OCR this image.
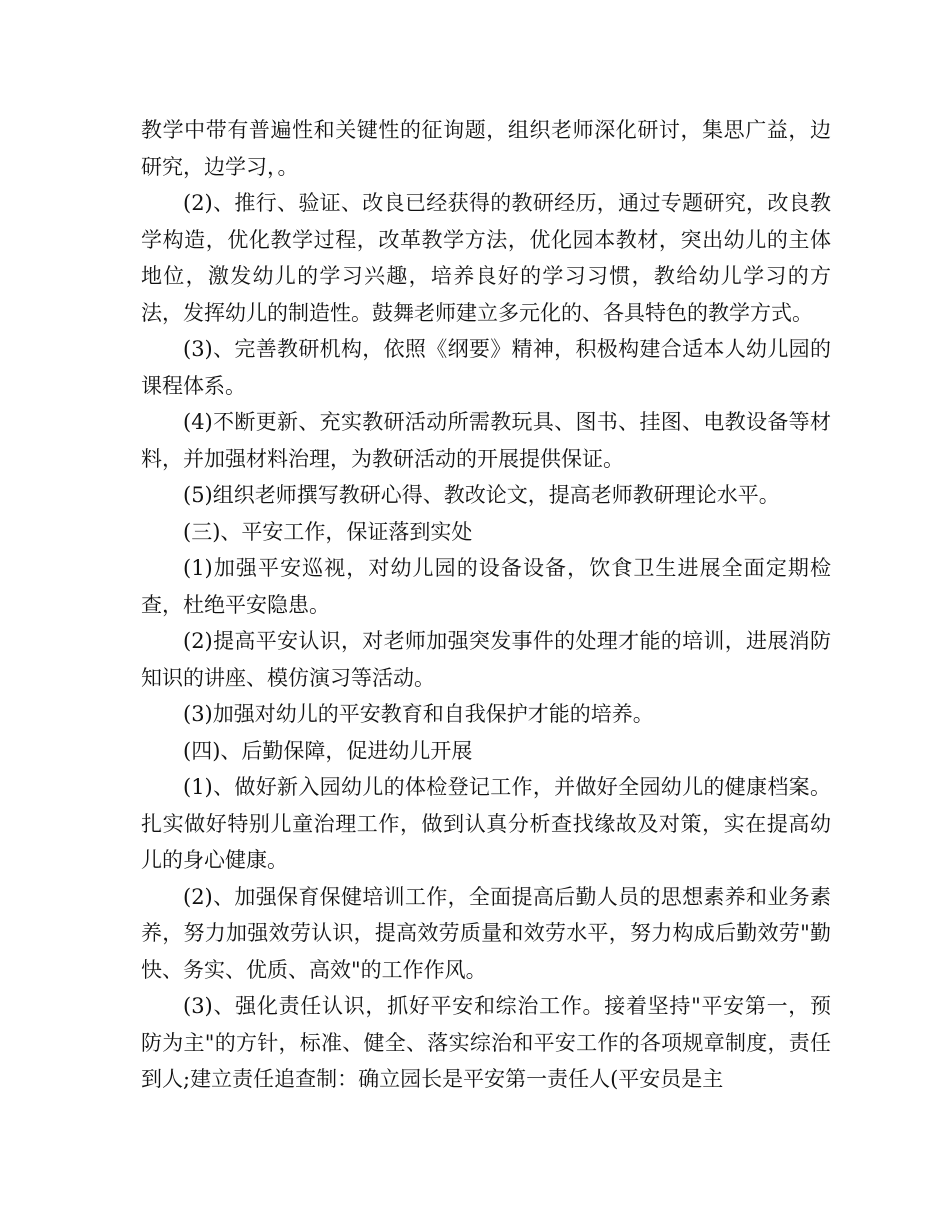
教学中带有普遍性和关键性的征询题，组织老师深化研讨，集思广益，边研究，边学习，。

(2)、推行、验证、改良已经获得的教研经历，通过专题研究，改良教学构造，优化教学过程，改革教学方法，优化园本教材，突出幼儿的主体地位，激发幼儿的学习兴趣，培养良好的学习习惯，教给幼儿学习的方法，发挥幼儿的制造性。鼓舞老师建立多元化的、各具特色的教学方式。

(3)、完善教研机构，依照《纲要》精神，积极构建合适本人幼儿园的课程体系。

(4)不断更新、充实教研活动所需教玩具、图书、挂图、电教设备等材料，并加强材料治理，为教研活动的开展提供保证。

(5)组织老师撰写教研心得、教改论文，提高老师教研理论水平。

(三)、平安工作，保证落到实处

(1)加强平安巡视，对幼儿园的设备设备，饮食卫生进展全面定期检查，杜绝平安隐患。

(2)提高平安认识，对老师加强突发事件的处理才能的培训，进展消防知识的讲座、模仿演习等活动。

(3)加强对幼儿的平安教育和自我保护才能的培养。

(四)、后勤保障，促进幼儿开展

(1)、做好新入园幼儿的体检登记工作，并做好全园幼儿的健康档案。扎实做好特别儿童治理工作，做到认真分析查找缘故及对策，实在提高幼儿的身心健康。

(2)、加强保育保健培训工作，全面提高后勤人员的思想素养和业务素养，努力加强效劳认识，提高效劳质量和效劳水平，努力构成后勤效劳"勤快、务实、优质、高效"的工作作风。

(3)、强化责任认识，抓好平安和综治工作。接着坚持"平安第一，预防为主"的方针，标准、健全、落实综治和平安工作的各项规章制度，责任到人;建立责任追查制：确立园长是平安第一责任人(平安员是主
